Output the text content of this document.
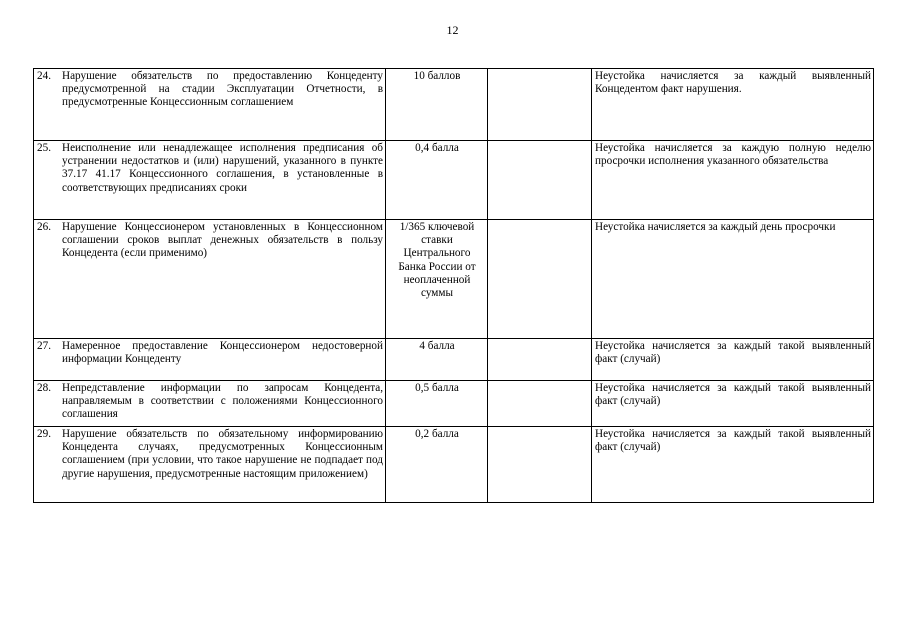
12
24. Нарушение обязательств по предоставлению Концеденту предусмотренной на стадии Эксплуатации Отчетности, в предусмотренные Концессионным соглашением	10 баллов		Неустойка начисляется за каждый выявленный Концедентом факт нарушения.

25. Неисполнение или ненадлежащее исполнения предписания об устранении недостатков и (или) нарушений, указанного в пункте 37.17 41.17 Концессионного соглашения, в установленные в соответствующих предписаниях сроки	0,4 балла		Неустойка начисляется за каждую полную неделю просрочки исполнения указанного обязательства

26. Нарушение Концессионером установленных в Концессионном соглашении сроков выплат денежных обязательств в пользу Концедента (если применимо)	1/365 ключевой ставки Центрального Банка России от неоплаченной суммы		Неустойка начисляется за каждый день просрочки

27. Намеренное предоставление Концессионером недостоверной информации Концеденту	4 балла		Неустойка начисляется за каждый такой выявленный факт (случай)

28. Непредставление информации по запросам Концедента, направляемым в соответствии с положениями Концессионного соглашения	0,5 балла		Неустойка начисляется за каждый такой выявленный факт (случай)

29. Нарушение обязательств по обязательному информированию Концедента случаях, предусмотренных Концессионным соглашением (при условии, что такое нарушение не подпадает под другие нарушения, предусмотренные настоящим приложением)	0,2 балла		Неустойка начисляется за каждый такой выявленный факт (случай)
